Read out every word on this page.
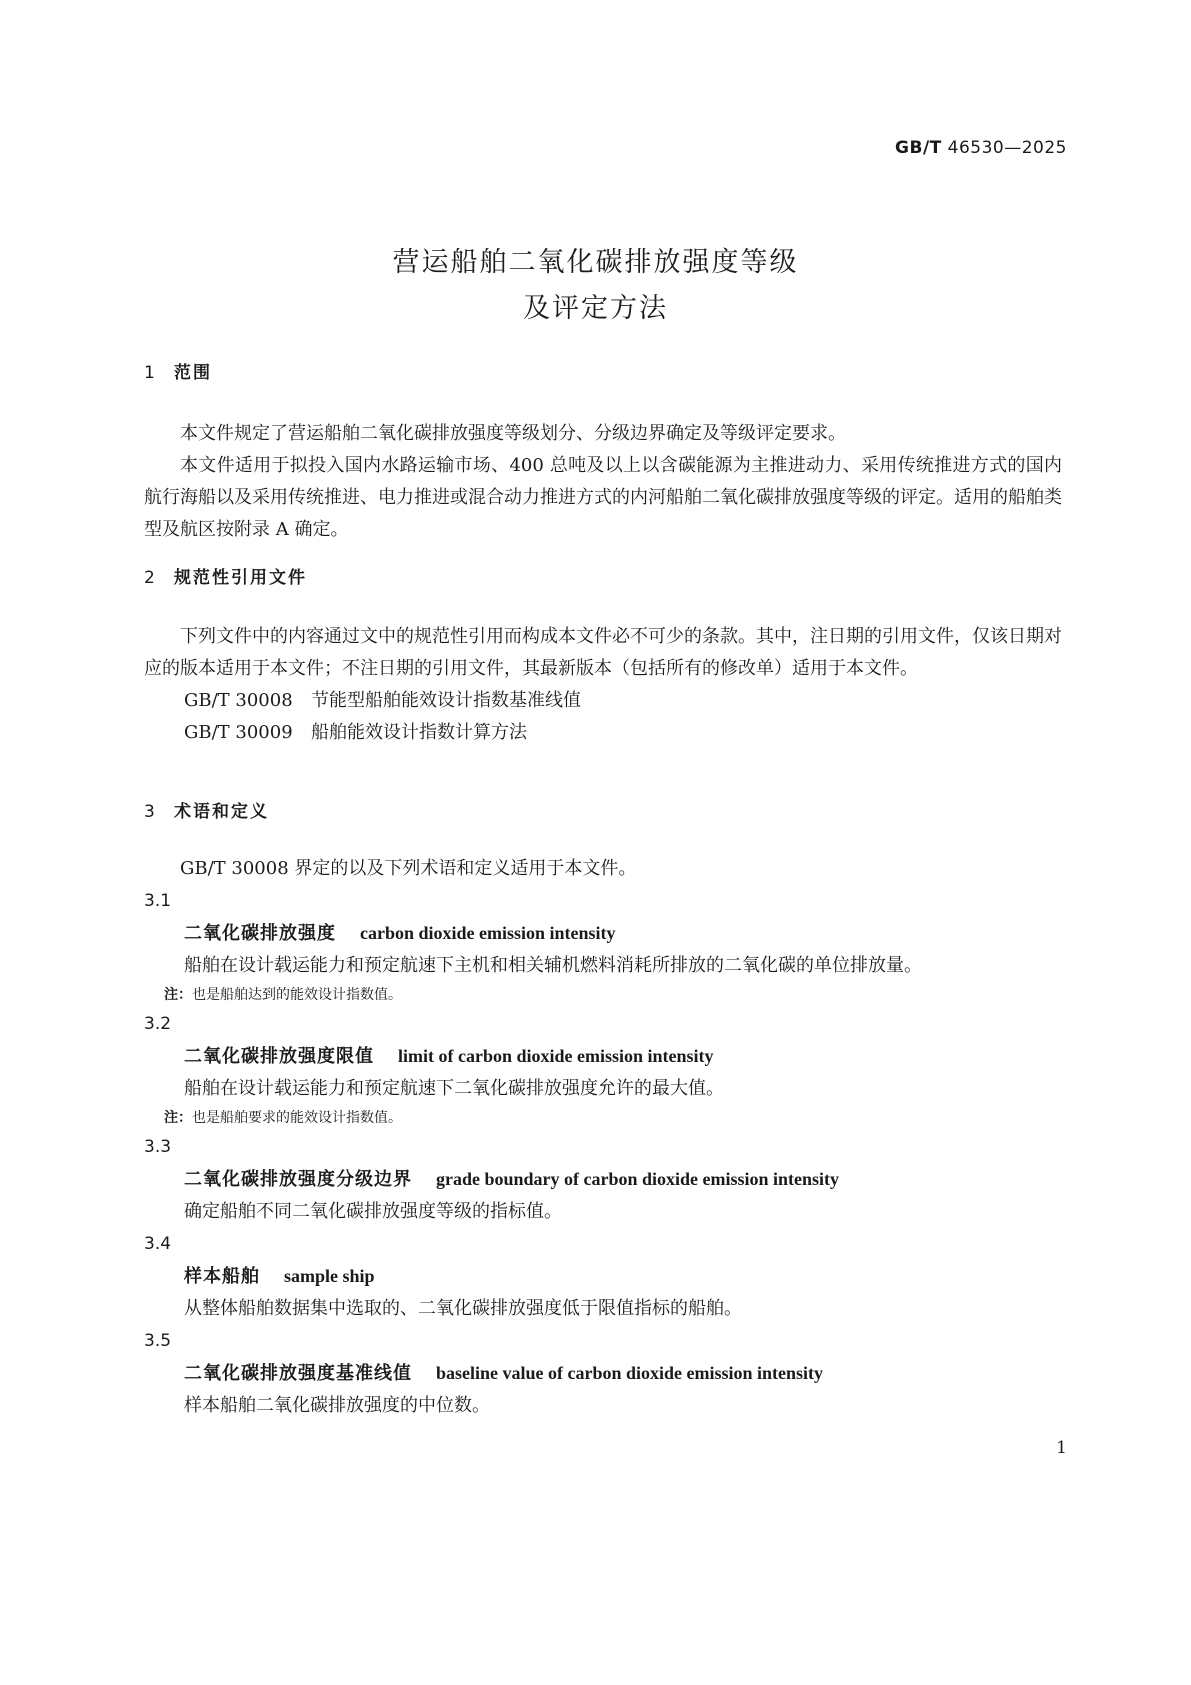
GB/T 46530—2025
营运船舶二氧化碳排放强度等级
及评定方法
1 范围

本文件规定了营运船舶二氧化碳排放强度等级划分、分级边界确定及等级评定要求。

本文件适用于拟投入国内水路运输市场、400 总吨及以上以含碳能源为主推进动力、采用传统推进方式的国内航行海船以及采用传统推进、电力推进或混合动力推进方式的内河船舶二氧化碳排放强度等级的评定。适用的船舶类型及航区按附录 A 确定。

2 规范性引用文件

下列文件中的内容通过文中的规范性引用而构成本文件必不可少的条款。其中，注日期的引用文件，仅该日期对应的版本适用于本文件；不注日期的引用文件，其最新版本（包括所有的修改单）适用于本文件。

GB/T 30008 节能型船舶能效设计指数基准线值

GB/T 30009 船舶能效设计指数计算方法

3 术语和定义

GB/T 30008 界定的以及下列术语和定义适用于本文件。

3.1

二氧化碳排放强度 carbon dioxide emission intensity

船舶在设计载运能力和预定航速下主机和相关辅机燃料消耗所排放的二氧化碳的单位排放量。

注：也是船舶达到的能效设计指数值。

3.2

二氧化碳排放强度限值 limit of carbon dioxide emission intensity

船舶在设计载运能力和预定航速下二氧化碳排放强度允许的最大值。

注：也是船舶要求的能效设计指数值。

3.3

二氧化碳排放强度分级边界 grade boundary of carbon dioxide emission intensity

确定船舶不同二氧化碳排放强度等级的指标值。

3.4

样本船舶 sample ship

从整体船舶数据集中选取的、二氧化碳排放强度低于限值指标的船舶。

3.5

二氧化碳排放强度基准线值 baseline value of carbon dioxide emission intensity

样本船舶二氧化碳排放强度的中位数。

1
